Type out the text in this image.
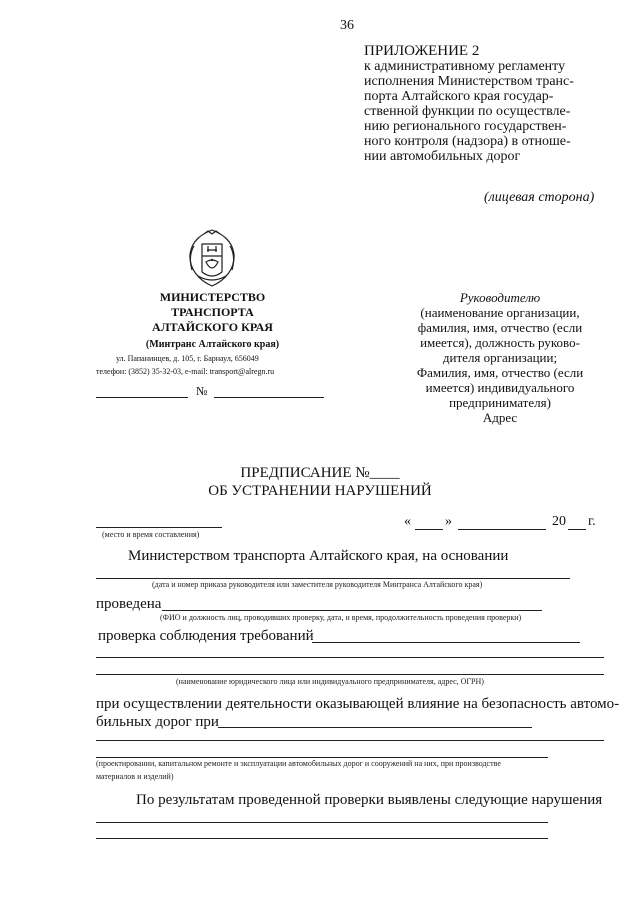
36
ПРИЛОЖЕНИЕ 2
к административному регламенту
исполнения Министерством транс-
порта Алтайского края государ-
ственной функции по осуществле-
нию регионального государствен-
ного контроля (надзора) в отноше-
нии автомобильных дорог
(лицевая сторона)
МИНИСТЕРСТВО
ТРАНСПОРТА
АЛТАЙСКОГО КРАЯ
(Минтранс Алтайского края)
ул. Папанинцев, д. 105, г. Барнаул, 656049
телефон: (3852) 35-32-03, e-mail: transport@alregn.ru
№
Руководителю
(наименование организации,
фамилия, имя, отчество (если
имеется), должность руково-
дителя организации;
Фамилия, имя, отчество (если
имеется) индивидуального
предпринимателя)
Адрес
ПРЕДПИСАНИЕ №____
ОБ УСТРАНЕНИИ НАРУШЕНИЙ
(место и время составления)
« »	20 г.
Министерством транспорта Алтайского края, на основании
(дата и номер приказа руководителя или заместителя руководителя Минтранса Алтайского края)
проведена
(ФИО и должность лиц, проводивших проверку, дата, и время, продолжительность проведения проверки)
проверка соблюдения требований
(наименование юридического лица или индивидуального предпринимателя, адрес, ОГРН)
при осуществлении деятельности оказывающей влияние на безопасность автомо-
бильных дорог при
(проектировании, капитальном ремонте и эксплуатации автомобильных дорог и сооружений на них, при производстве
материалов и изделий)
По результатам проведенной проверки выявлены следующие нарушения
